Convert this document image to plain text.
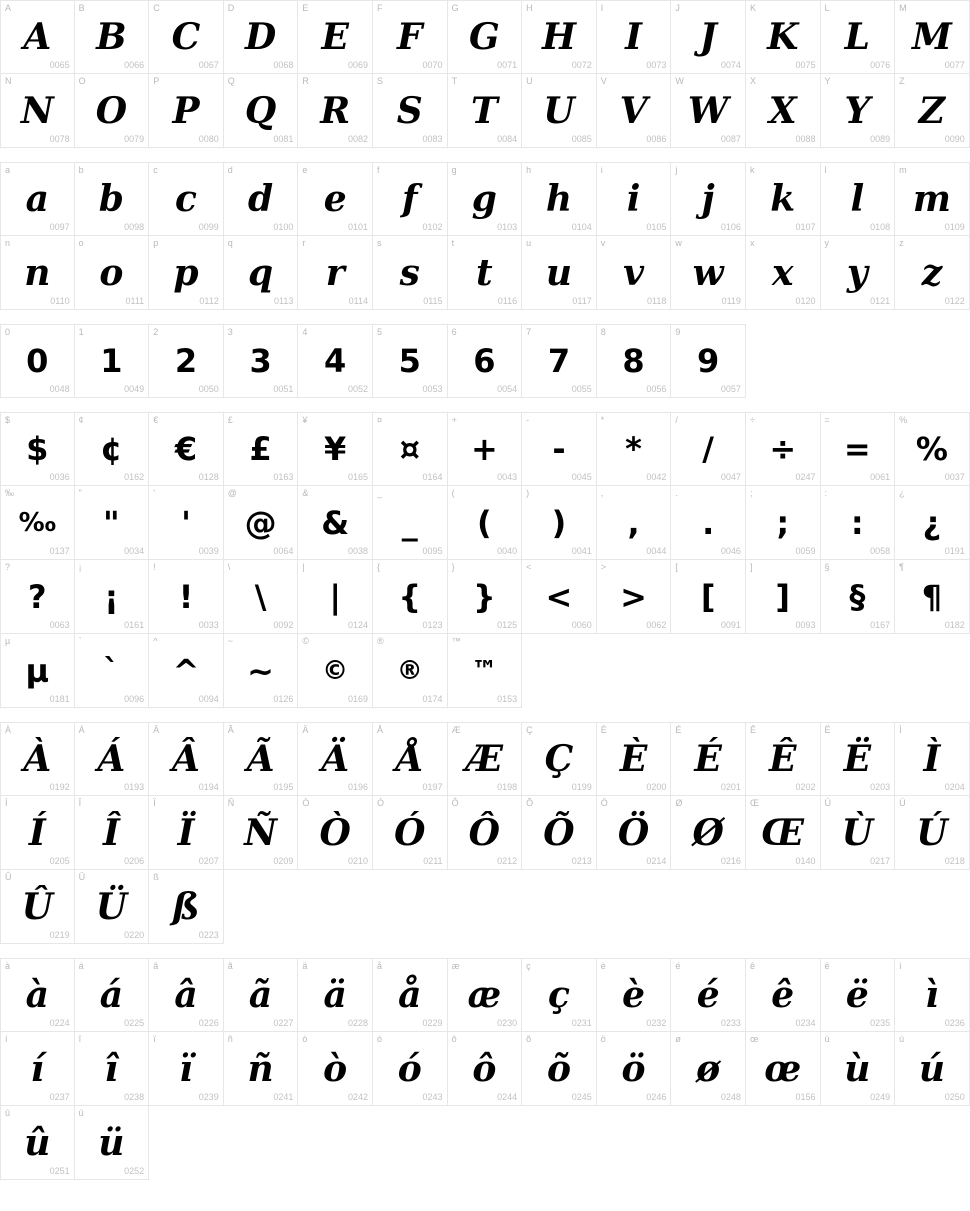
A
A
0065
B
B
0066
C
C
0067
D
D
0068
E
E
0069
F
F
0070
G
G
0071
H
H
0072
I
I
0073
J
J
0074
K
K
0075
L
L
0076
M
M
0077
N
N
0078
O
O
0079
P
P
0080
Q
Q
0081
R
R
0082
S
S
0083
T
T
0084
U
U
0085
V
V
0086
W
W
0087
X
X
0088
Y
Y
0089
Z
Z
0090
a
a
0097
b
b
0098
c
c
0099
d
d
0100
e
e
0101
f
f
0102
g
g
0103
h
h
0104
i
i
0105
j
j
0106
k
k
0107
l
l
0108
m
m
0109
n
n
0110
o
o
0111
p
p
0112
q
q
0113
r
r
0114
s
s
0115
t
t
0116
u
u
0117
v
v
0118
w
w
0119
x
x
0120
y
y
0121
z
z
0122
0
0
0048
1
1
0049
2
2
0050
3
3
0051
4
4
0052
5
5
0053
6
6
0054
7
7
0055
8
8
0056
9
9
0057
$
$
0036
¢
¢
0162
€
€
0128
£
£
0163
¥
¥
0165
¤
¤
0164
+
+
0043
-
-
0045
*
*
0042
/
/
0047
÷
÷
0247
=
=
0061
%
%
0037
‰
‰
0137
"
"
0034
'
'
0039
@
@
0064
&
&
0038
_
_
0095
(
(
0040
)
)
0041
,
,
0044
.
.
0046
;
;
0059
:
:
0058
¿
¿
0191
?
?
0063
¡
¡
0161
!
!
0033
\
\
0092
|
|
0124
{
{
0123
}
}
0125
<
<
0060
>
>
0062
[
[
0091
]
]
0093
§
§
0167
¶
¶
0182
µ
µ
0181
`
`
0096
^
^
0094
~
~
0126
©
©
0169
®
®
0174
™
™
0153
À
À
0192
Á
Á
0193
Â
Â
0194
Ã
Ã
0195
Ä
Ä
0196
Å
Å
0197
Æ
Æ
0198
Ç
Ç
0199
È
È
0200
É
É
0201
Ê
Ê
0202
Ë
Ë
0203
Ì
Ì
0204
Í
Í
0205
Î
Î
0206
Ï
Ï
0207
Ñ
Ñ
0209
Ò
Ò
0210
Ó
Ó
0211
Ô
Ô
0212
Õ
Õ
0213
Ö
Ö
0214
Ø
Ø
0216
Œ
Œ
0140
Ù
Ù
0217
Ú
Ú
0218
Û
Û
0219
Ü
Ü
0220
ß
ß
0223
à
à
0224
á
á
0225
â
â
0226
ã
ã
0227
ä
ä
0228
å
å
0229
æ
æ
0230
ç
ç
0231
è
è
0232
é
é
0233
ê
ê
0234
ë
ë
0235
ì
ì
0236
í
í
0237
î
î
0238
ï
ï
0239
ñ
ñ
0241
ò
ò
0242
ó
ó
0243
ô
ô
0244
õ
õ
0245
ö
ö
0246
ø
ø
0248
œ
œ
0156
ù
ù
0249
ú
ú
0250
û
û
0251
ü
ü
0252
